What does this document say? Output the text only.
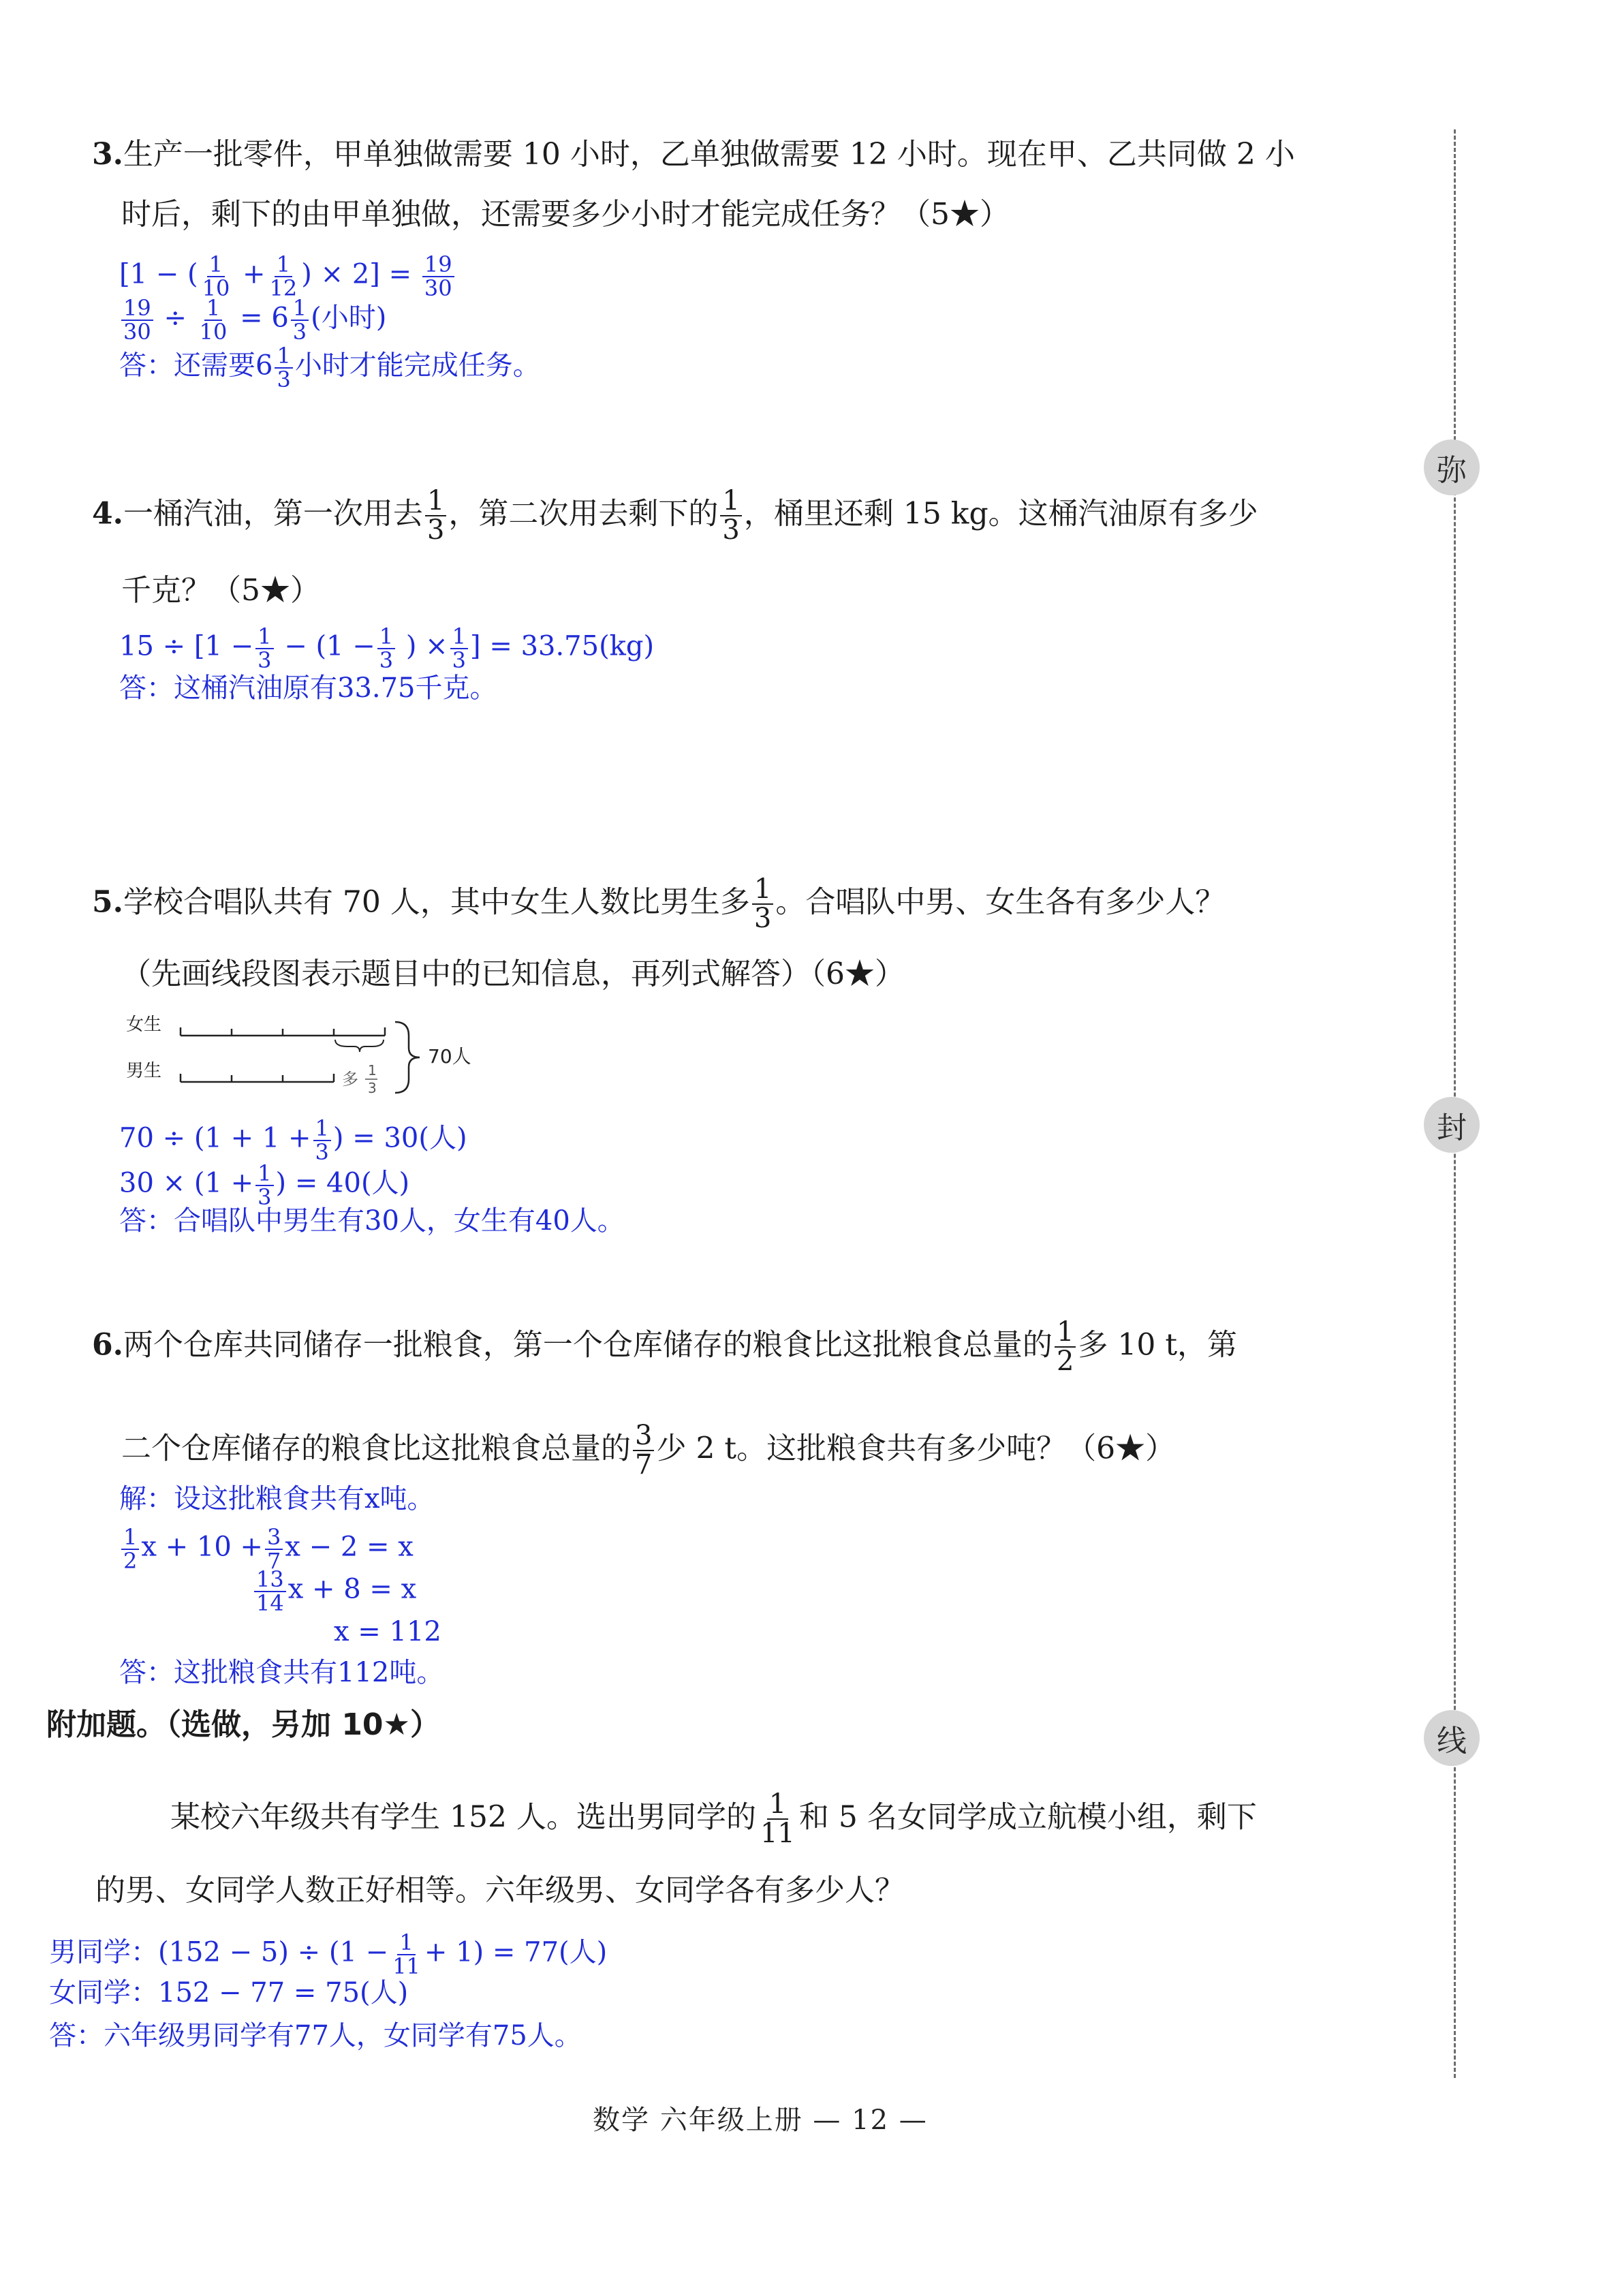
弥
封
线
3.生产一批零件，甲单独做需要 10 小时，乙单独做需要 12 小时。现在甲、乙共同做 2 小
时后，剩下的由甲单独做，还需要多少小时才能完成任务？（5★）
[1 − ( $\frac{1}{10} + \frac{1}{12}$ ) × $2] = \frac{19}{30}$
$\frac{19}{30} \div \frac{1}{10} = 6 \frac{1}{3}$ (小时)
答：还需要$6 \frac{1}{3}$ 小时才能完成任务。
4.一桶汽油，第一次用去 $\frac{1}{3}$ ，第二次用去剩下的 $\frac{1}{3}$ ，桶里还剩 15 kg。这桶汽油原有多少
千克？（5★）
$15 \div [1 - \frac{1}{3} - (1 - \frac{1}{3}$ ) × $\frac{1}{3}$ ] = 33.75(kg)
答：这桶汽油原有33.75千克。
5.学校合唱队共有 70 人，其中女生人数比男生多 $\frac{1}{3}$ 。合唱队中男、女生各有多少人？
（先画线段图表示题目中的已知信息，再列式解答）（6★）
女生
男生	多 1
3
70人
$70 \div (1 + 1 + \frac{1}{3}$ ) = 30(人)
$30 \times (1 + \frac{1}{3}$ ) = 40(人)
答：合唱队中男生有30人，女生有40人。
6.两个仓库共同储存一批粮食，第一个仓库储存的粮食比这批粮食总量的 $\frac{1}{2}$ 多 10 t，第
二个仓库储存的粮食比这批粮食总量的 $\frac{3}{7}$ 少 2 t。这批粮食共有多少吨？（6★）
解：设这批粮食共有x吨。
$\frac{1}{2}$ $x + 10 + \frac{3}{7}$ x − 2 = x
$\frac{13}{14}$ x + 8 = x
x = 112
答：这批粮食共有112吨。
附加题。（选做，另加 10★）
某校六年级共有学生 152 人。选出男同学的 $\frac{1}{11}$ 和 5 名女同学成立航模小组，剩下
的男、女同学人数正好相等。六年级男、女同学各有多少人？
男同学：$(152 - 5) \div (1 - \frac{1}{11} + 1) = 77$(人)
女同学：152 − 77 = 75(人)
答：六年级男同学有77人，女同学有75人。
数学 六年级上册 — 12 —
